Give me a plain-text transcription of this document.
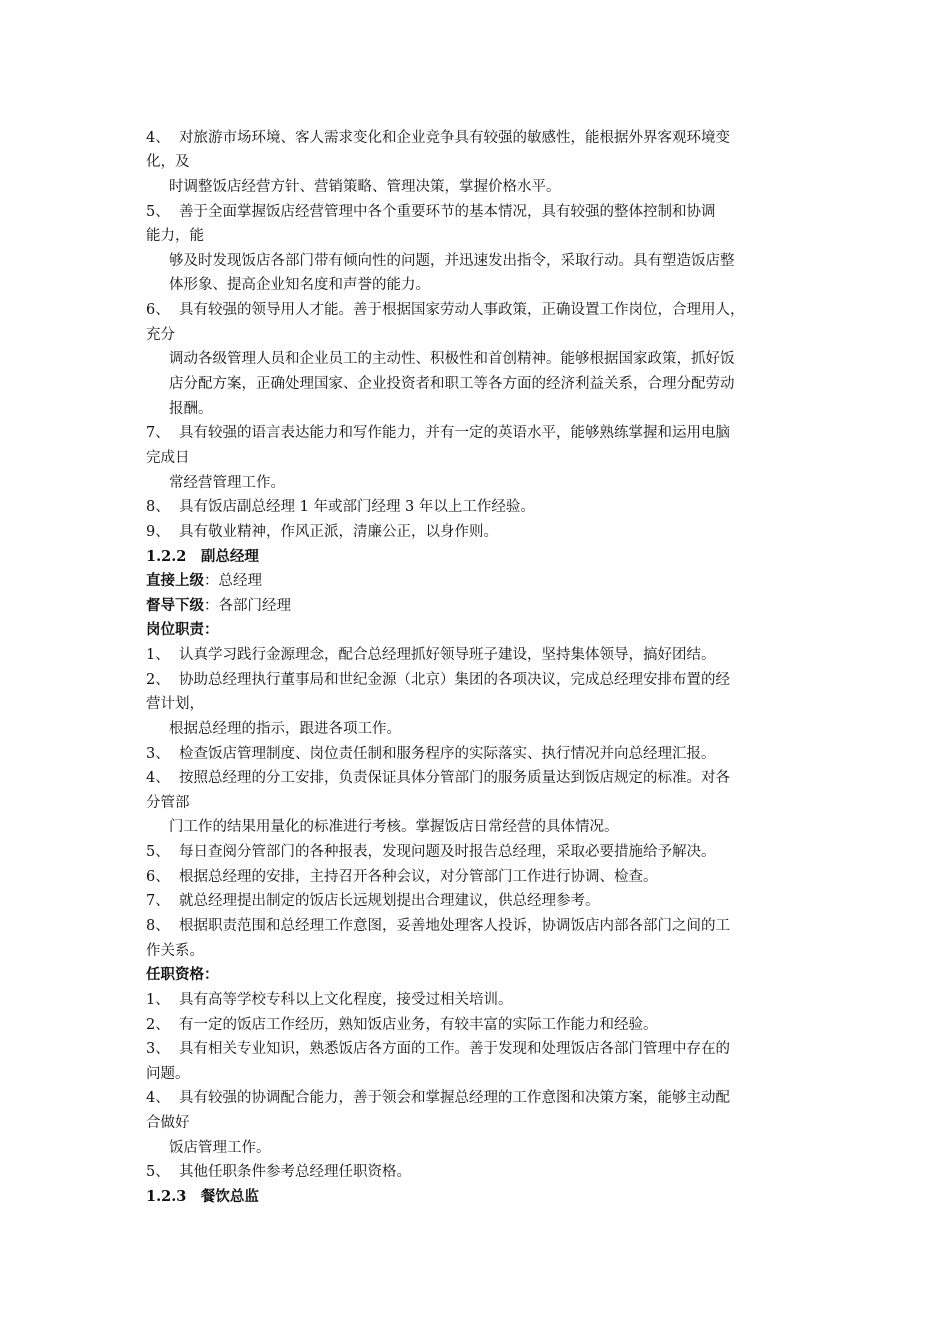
4、 对旅游市场环境、客人需求变化和企业竞争具有较强的敏感性，能根据外界客观环境变
化，及
时调整饭店经营方针、营销策略、管理决策，掌握价格水平。
5、 善于全面掌握饭店经营管理中各个重要环节的基本情况，具有较强的整体控制和协调
能力，能
够及时发现饭店各部门带有倾向性的问题，并迅速发出指令，采取行动。具有塑造饭店整
体形象、提高企业知名度和声誉的能力。
6、 具有较强的领导用人才能。善于根据国家劳动人事政策，正确设置工作岗位，合理用人，
充分
调动各级管理人员和企业员工的主动性、积极性和首创精神。能够根据国家政策，抓好饭
店分配方案，正确处理国家、企业投资者和职工等各方面的经济利益关系，合理分配劳动
报酬。
7、 具有较强的语言表达能力和写作能力，并有一定的英语水平，能够熟练掌握和运用电脑
完成日
常经营管理工作。
8、 具有饭店副总经理 1 年或部门经理 3 年以上工作经验。
9、 具有敬业精神，作风正派，清廉公正，以身作则。
1.2.2　副总经理
直接上级：总经理
督导下级：各部门经理
岗位职责：
1、 认真学习践行金源理念，配合总经理抓好领导班子建设，坚持集体领导，搞好团结。
2、 协助总经理执行董事局和世纪金源（北京）集团的各项决议，完成总经理安排布置的经
营计划，
根据总经理的指示，跟进各项工作。
3、 检查饭店管理制度、岗位责任制和服务程序的实际落实、执行情况并向总经理汇报。
4、 按照总经理的分工安排，负责保证具体分管部门的服务质量达到饭店规定的标准。对各
分管部
门工作的结果用量化的标准进行考核。掌握饭店日常经营的具体情况。
5、 每日查阅分管部门的各种报表，发现问题及时报告总经理，采取必要措施给予解决。
6、 根据总经理的安排，主持召开各种会议，对分管部门工作进行协调、检查。
7、 就总经理提出制定的饭店长远规划提出合理建议，供总经理参考。
8、 根据职责范围和总经理工作意图，妥善地处理客人投诉，协调饭店内部各部门之间的工
作关系。
任职资格：
1、 具有高等学校专科以上文化程度，接受过相关培训。
2、 有一定的饭店工作经历，熟知饭店业务，有较丰富的实际工作能力和经验。
3、 具有相关专业知识，熟悉饭店各方面的工作。善于发现和处理饭店各部门管理中存在的
问题。
4、 具有较强的协调配合能力，善于领会和掌握总经理的工作意图和决策方案，能够主动配
合做好
饭店管理工作。
5、 其他任职条件参考总经理任职资格。
1.2.3　餐饮总监
